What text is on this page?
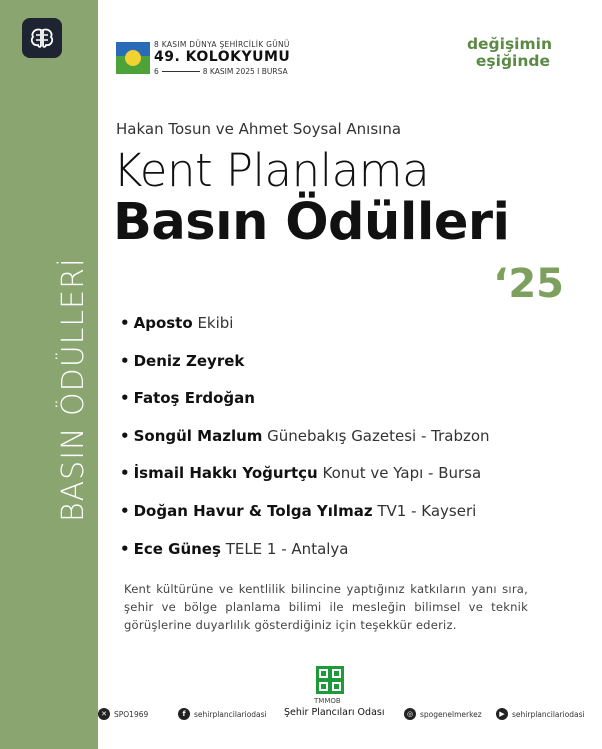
BASIN ÖDÜLLERİ
8 KASIM DÜNYA ŞEHİRCİLİK GÜNÜ
49. KOLOKYUMU
6	8 KASIM 2025 I BURSA
değişimin
eşiğinde
Hakan Tosun ve Ahmet Soysal Anısına
Kent Planlama
Basın Ödülleri
‘25
• Aposto Ekibi
• Deniz Zeyrek
• Fatoş Erdoğan
• Songül Mazlum Günebakış Gazetesi - Trabzon
• İsmail Hakkı Yoğurtçu Konut ve Yapı - Bursa
• Doğan Havur & Tolga Yılmaz TV1 - Kayseri
• Ece Güneş TELE 1 - Antalya
Kent kültürüne ve kentlilik bilincine yaptığınız katkıların yanı sıra, şehir ve bölge planlama bilimi ile mesleğin bilimsel ve teknik görüşlerine duyarlılık gösterdiğiniz için teşekkür ederiz.
TMMOB
Şehir Plancıları Odası
✕ SPO1969	f	sehirplancilariodasi	◎ spogenelmerkez	▶ sehirplancilariodasi
